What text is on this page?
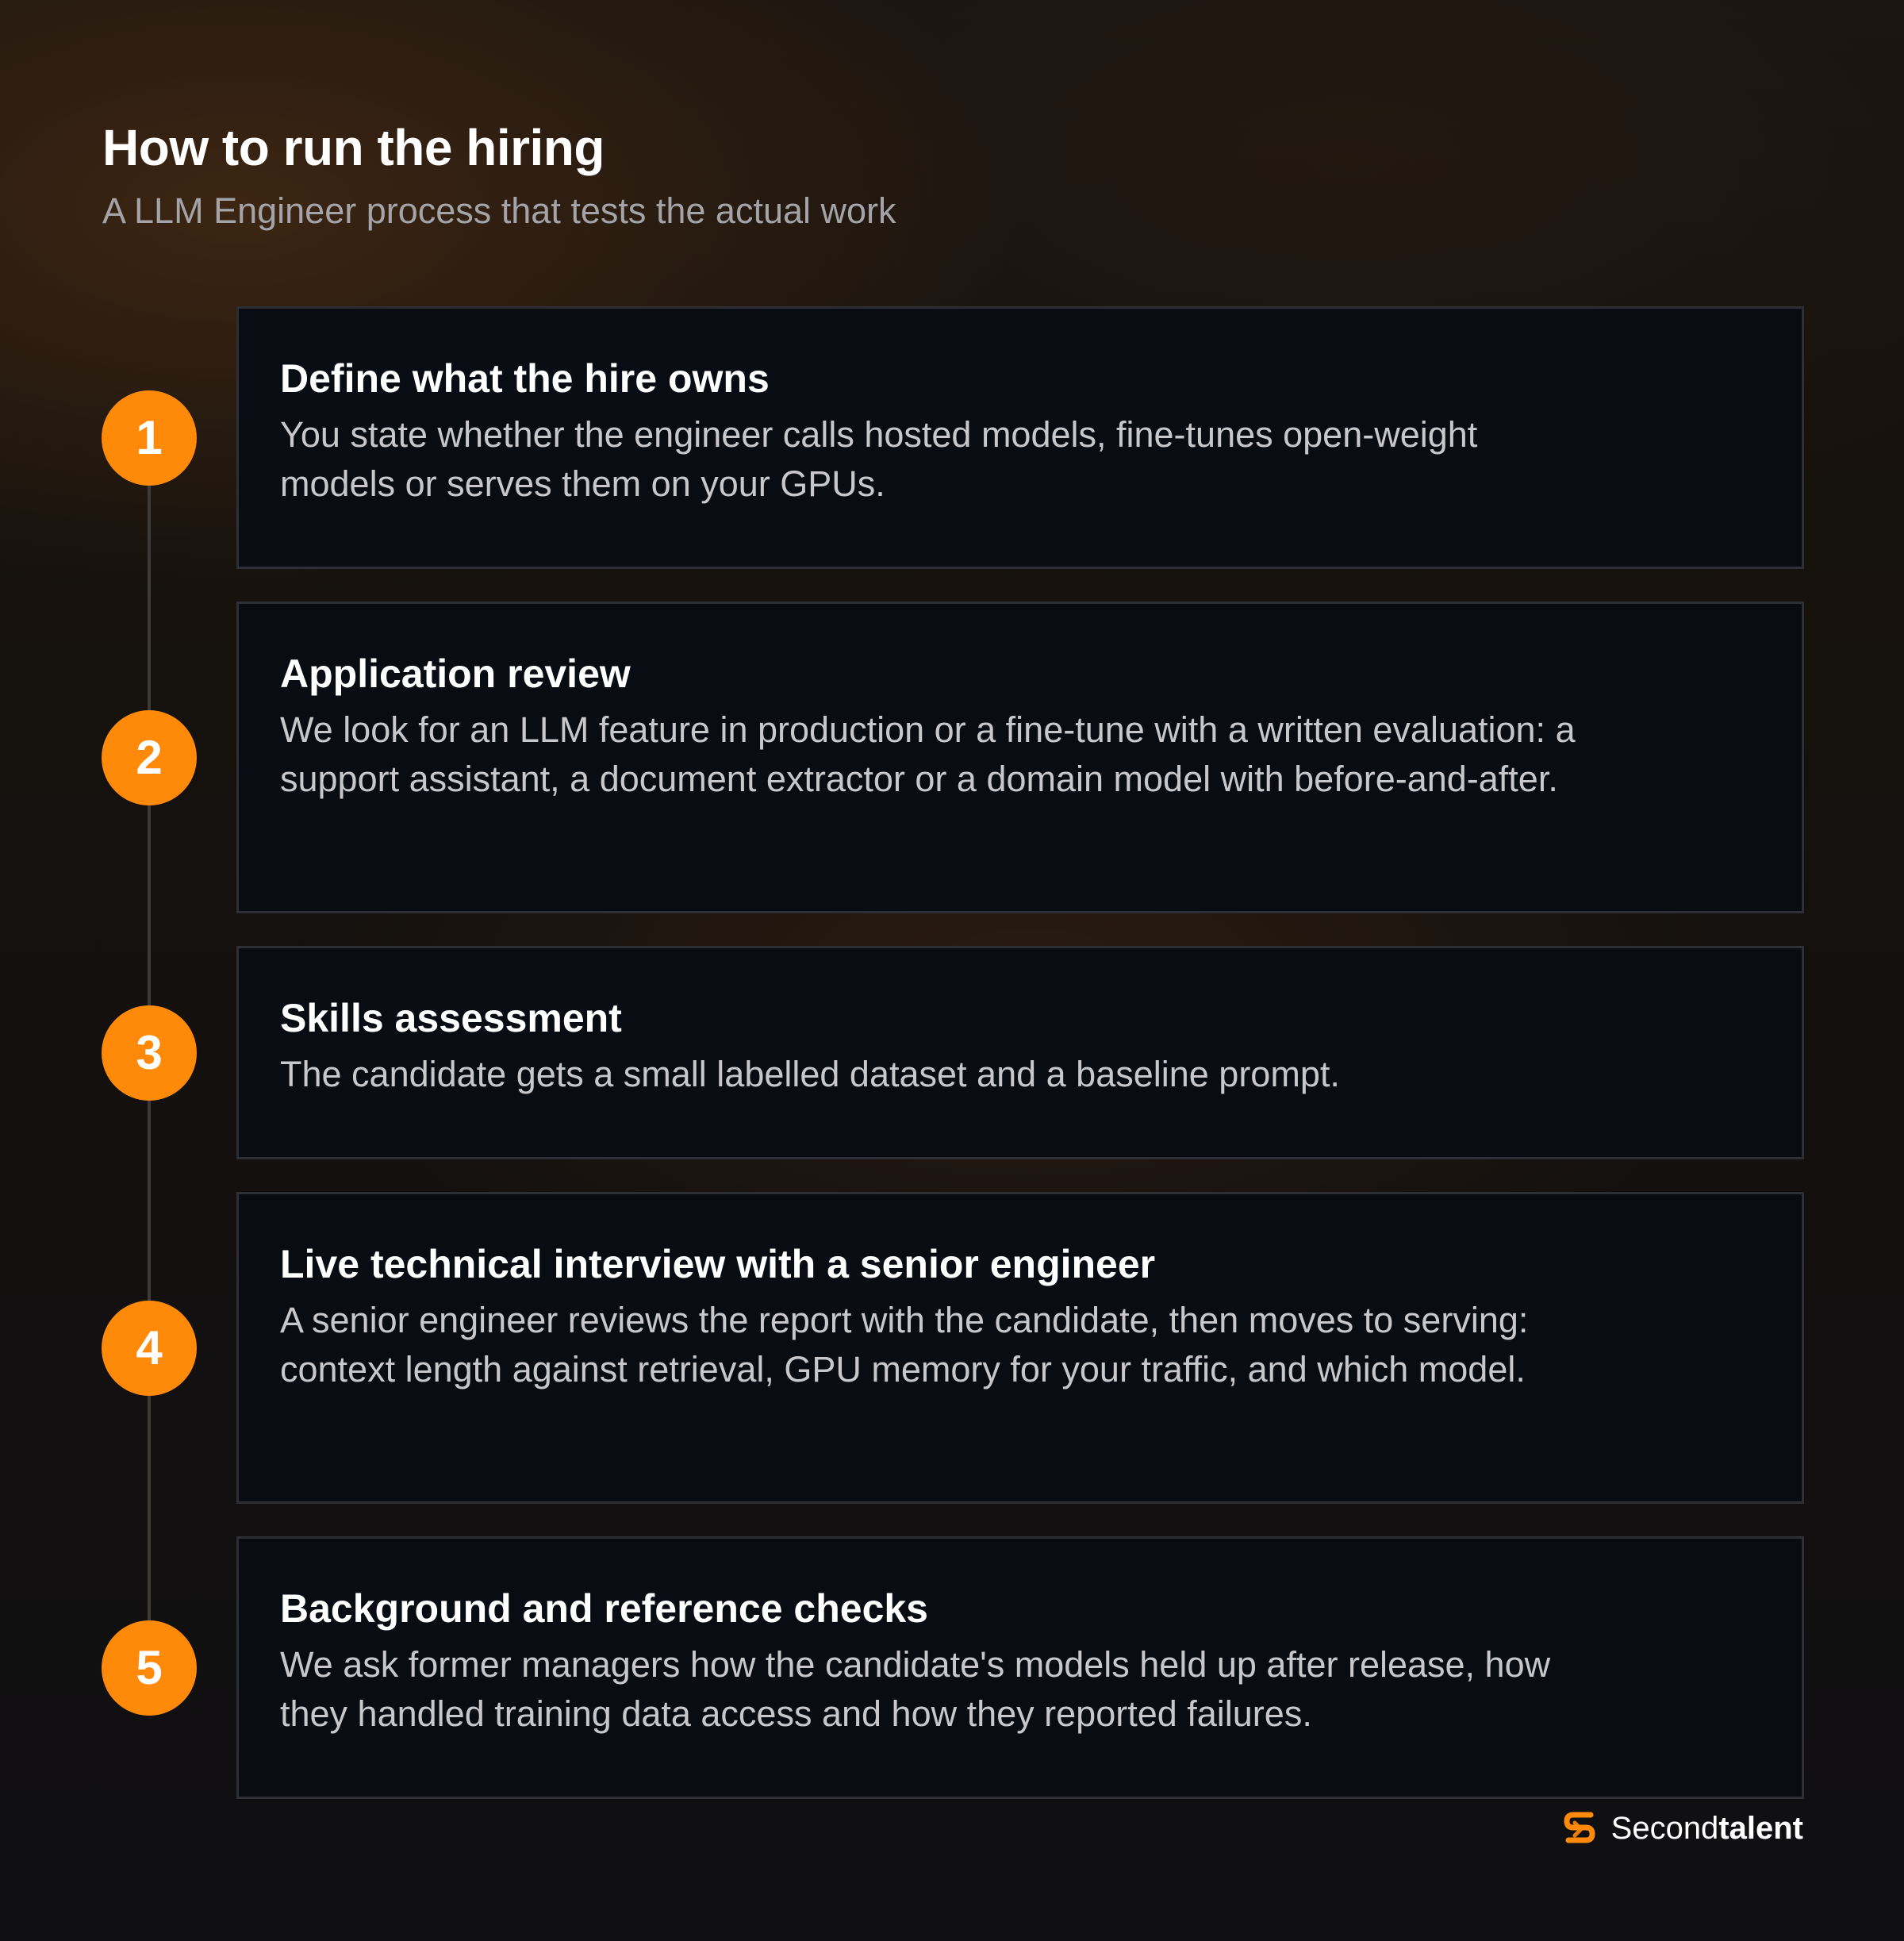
How to run the hiring

A LLM Engineer process that tests the actual work

1
Define what the hire owns

You state whether the engineer calls hosted models, fine-tunes open-weight models or serves them on your GPUs.

2
Application review

We look for an LLM feature in production or a fine-tune with a written evaluation: a support assistant, a document extractor or a domain model with before-and-after.

3
Skills assessment

The candidate gets a small labelled dataset and a baseline prompt.

4
Live technical interview with a senior engineer

A senior engineer reviews the report with the candidate, then moves to serving: context length against retrieval, GPU memory for your traffic, and which model.

5
Background and reference checks

We ask former managers how the candidate's models held up after release, how they handled training data access and how they reported failures.

Secondtalent
